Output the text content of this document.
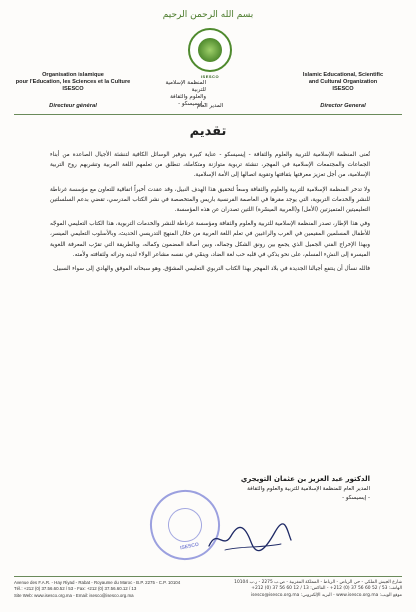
بسم الله الرحمن الرحيم
ISESCO
Organisation islamique
pour l'Education, les Sciences et la Culture
ISESCO
المنظمة الإسلامية للتربية
والعلوم والثقافة
- إيسيسكو -
Islamic Educational, Scientific
and Cultural Organization
ISESCO
Directeur général	المدير العام	Director General
تقديم

تُعنى المنظمة الإسلامية للتربية والعلوم والثقافة - إيسيسكو - عناية كبيرة بتوفير الوسائل الكافية لتنشئة الأجيال الصاعدة من أبناء الجماعات والمجتمعات الإسلامية في المهجر، تنشئة تربوية متوازنة ومتكاملة، تنطلق من تعلمهم اللغة العربية وتشربهم روح التربية الإسلامية، من أجل تعزيز معرفتها بثقافتها وتقوية اتصالها إلى الأمة الإسلامية.

ولا تدخر المنظمة الإسلامية للتربية والعلوم والثقافة وسعاً لتحقيق هذا الهدف النبيل، وقد عقدت أخيراً اتفاقية للتعاون مع مؤسسة غرناطة للنشر والخدمات التربوية، التي يوجد مقرها في العاصمة الفرنسية باريس والمتخصصة في نشر الكتاب المدرسي، تقضي بدعم السلسلتين التعليميتين المتميزتين (الأمل) و(العربية الميسّرة) اللتين تصدران عن هذه المؤسسة.

وفي هذا الإطار، تصدر المنظمة الإسلامية للتربية والعلوم والثقافة ومؤسسة غرناطة للنشر والخدمات التربوية، هذا الكتاب التعليمي الموجّه للأطفال المسلمين المقيمين في الغرب والراغبين في تعلم اللغة العربية من خلال المنهج التدريسي الحديث، وبالأسلوب التعليمي الميسر، وبهذا الإخراج الفني الجميل الذي يجمع بين رونق الشكل وجماله، وبين أصالة المضمون وكماله، وبالطريقة التي تقرّب المعرفة اللغوية الميسرة إلى النشء المسلم، على نحو يذكي في قلبه حب لغة الضاد، وينمّي في نفسه مشاعر الولاء لدينه وتراثه ولثقافته ولأمته.

فالله نسأل أن ينتفع أجيالنا الجديدة في بلاد المهجر بهذا الكتاب التربوي التعليمي المشوّق. وهو سبحانه الموفق والهادي إلى سواء السبيل.

الدكتور عبد العزيز بن عثمان التويجري
المدير العام للمنظمة الإسلامية للتربية والعلوم والثقافة
- إيسيسكو -
ISESCO
Avenue des F.A.R. - Hay Riyad - Rabat - Royaume du Maroc - B.P. 2275 - C.P. 10104
Tél.: +212 (0) 37.56.60.52 / 53 - Fax: +212 (0) 37.56.60.12 / 13
Site Web: www.isesco.org.ma - Email: isesco@isesco.org.ma
شارع الجيش الملكي - حي الرياض - الرباط - المملكة المغربية - ص.ب 2275 - ر.ب 10104
الهاتف: 53 / 52 60 56 37 (0) 212+ - الفاكس: 13 / 12 60 56 37 (0) 212+
موقع الويب: www.isesco.org.ma - البريد الإلكتروني: isesco@isesco.org.ma
